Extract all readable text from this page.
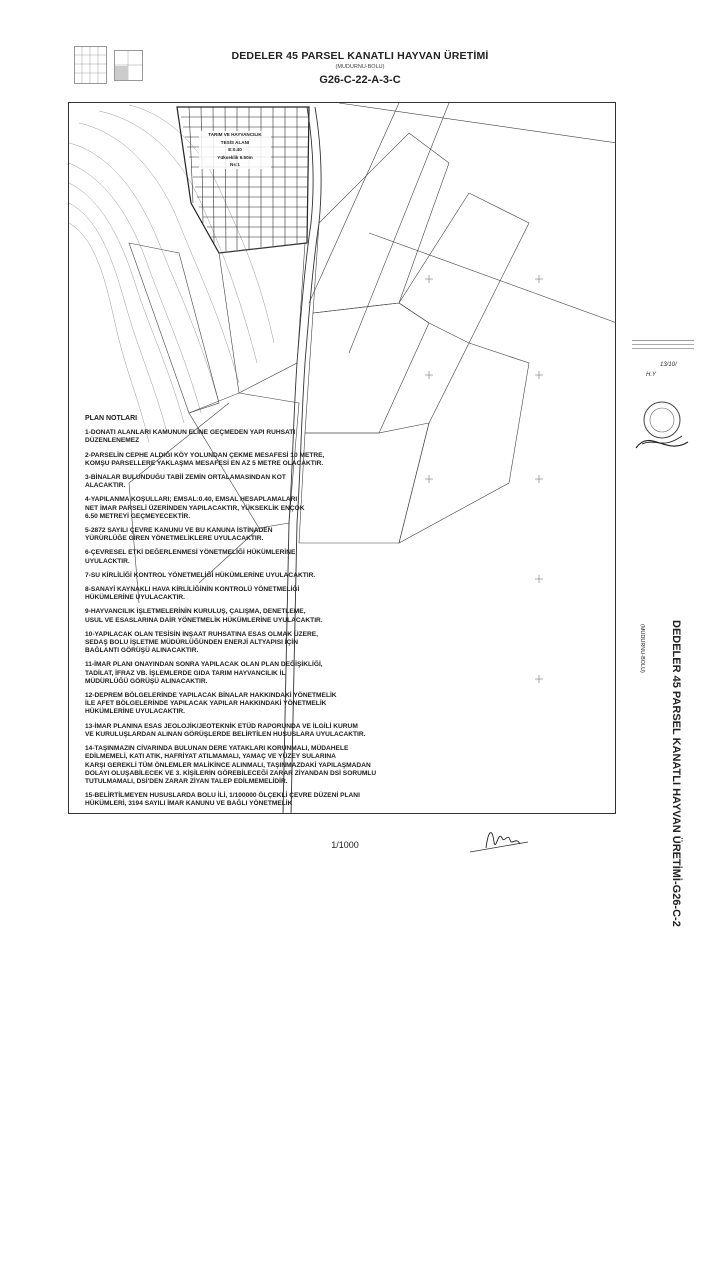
DEDELER 45 PARSEL KANATLI HAYVAN ÜRETİMİ
(MUDURNU-BOLU)
G26-C-22-A-3-C
TARIM VE HAYVANCILIK
TESİS ALANI
E:0.40
Yükseklik 6.50m
Ns:1
PLAN NOTLARI
1-DONATI ALANLARI KAMUNUN ELİNE GEÇMEDEN YAPI RUHSATI
DÜZENLENEMEZ
2-PARSELİN CEPHE ALDIĞI KÖY YOLUNDAN ÇEKME MESAFESİ 10 METRE,
KOMŞU PARSELLERE YAKLAŞMA MESAFESİ EN AZ 5 METRE OLACAKTIR.
3-BİNALAR BULUNDUĞU TABİİ ZEMİN ORTALAMASINDAN KOT
ALACAKTIR.
4-YAPILANMA KOŞULLARI; EMSAL:0.40, EMSAL HESAPLAMALARI
NET İMAR PARSELİ ÜZERİNDEN YAPILACAKTIR, YÜKSEKLİK ENÇOK
6.50 METREYİ GEÇMEYECEKTİR.
5-2872 SAYILI ÇEVRE KANUNU VE BU KANUNA İSTİNADEN
YÜRÜRLÜĞE GİREN YÖNETMELİKLERE UYULACAKTIR.
6-ÇEVRESEL ETKİ DEĞERLENMESİ YÖNETMELİĞİ HÜKÜMLERİNE
UYULACKTIR.
7-SU KİRLİLİĞİ KONTROL YÖNETMELİĞİ HÜKÜMLERİNE UYULACAKTIR.
8-SANAYİ KAYNAKLI HAVA KİRLİLİĞİNİN KONTROLÜ YÖNETMELİĞİ
HÜKÜMLERİNE UYULACAKTIR.
9-HAYVANCILIK İŞLETMELERİNİN KURULUŞ, ÇALIŞMA, DENETLEME,
USUL VE ESASLARINA DAİR YÖNETMELİK HÜKÜMLERİNE UYULACAKTIR.
10-YAPILACAK OLAN TESİSİN İNŞAAT RUHSATINA ESAS OLMAK ÜZERE,
SEDAŞ BOLU İŞLETME MÜDÜRLÜĞÜNDEN ENERJİ ALTYAPISI İÇİN
BAĞLANTI GÖRÜŞÜ ALINACAKTIR.
11-İMAR PLANI ONAYINDAN SONRA YAPILACAK OLAN PLAN DEĞİŞİKLİĞİ,
TADİLAT, İFRAZ VB. İŞLEMLERDE GIDA TARIM HAYVANCILIK İL
MÜDÜRLÜĞÜ GÖRÜŞÜ ALINACAKTIR.
12-DEPREM BÖLGELERİNDE YAPILACAK BİNALAR HAKKINDAKİ YÖNETMELİK
İLE AFET BÖLGELERİNDE YAPILACAK YAPILAR HAKKINDAKİ YÖNETMELİK
HÜKÜMLERİNE UYULACAKTIR.
13-İMAR PLANINA ESAS JEOLOJİK/JEOTEKNİK ETÜD RAPORUNDA VE İLGİLİ KURUM
VE KURULUŞLARDAN ALINAN GÖRÜŞLERDE BELİRTİLEN HUSUSLARA UYULACAKTIR.
14-TAŞINMAZIN CİVARINDA BULUNAN DERE YATAKLARI KORUNMALI, MÜDAHELE
EDİLMEMELİ, KATI ATIK, HAFRİYAT ATILMAMALI, YAMAÇ VE YÜZEY SULARINA
KARŞI GEREKLİ TÜM ÖNLEMLER MALİKİNCE ALINMALI, TAŞINMAZDAKİ YAPILAŞMADAN
DOLAYI OLUŞABİLECEK VE 3. KİŞİLERİN GÖREBİLECEĞİ ZARAR ZİYANDAN DSİ SORUMLU
TUTULMAMALI, DSİ'DEN ZARAR ZİYAN TALEP EDİLMEMELİDİR.
15-BELİRTİLMEYEN HUSUSLARDA BOLU İLİ, 1/100000 ÖLÇEKLİ ÇEVRE DÜZENİ PLANI
HÜKÜMLERİ, 3194 SAYILI İMAR KANUNU VE BAĞLI YÖNETMELİK
1/1000
13/10/
H.Y
DEDELER 45 PARSEL KANATLI HAYVAN ÜRETİMİ-G26-C-2
(MUDURNU-BOLU)
